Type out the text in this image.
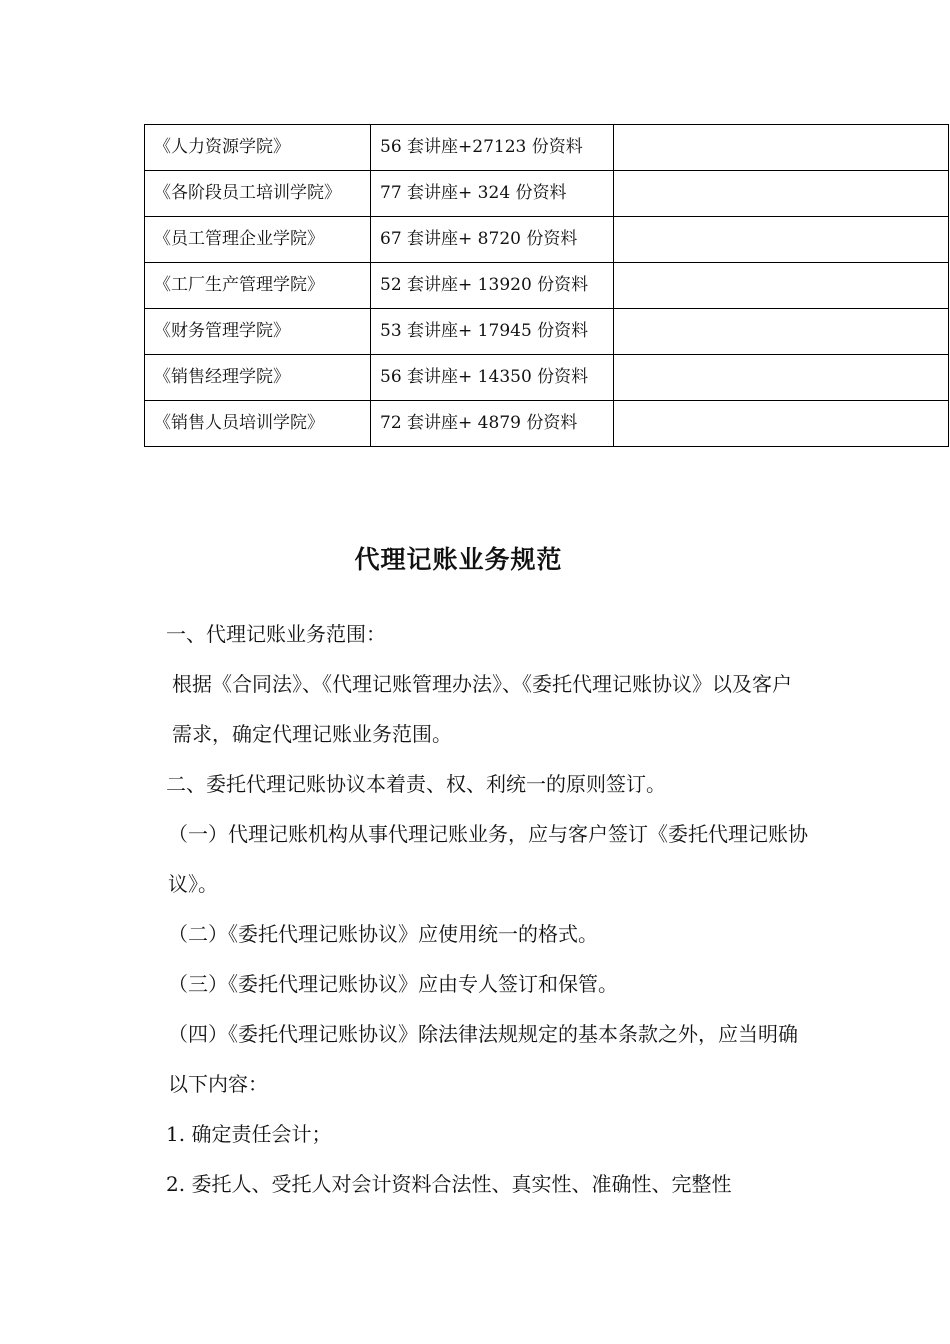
《人力资源学院》	56 套讲座+27123 份资料	
《各阶段员工培训学院》	77 套讲座+ 324 份资料	
《员工管理企业学院》	67 套讲座+ 8720 份资料	
《工厂生产管理学院》	52 套讲座+ 13920 份资料	
《财务管理学院》	53 套讲座+ 17945 份资料	
《销售经理学院》	56 套讲座+ 14350 份资料	
《销售人员培训学院》	72 套讲座+ 4879 份资料	
代理记账业务规范

一、代理记账业务范围：

根据《合同法》、《代理记账管理办法》、《委托代理记账协议》以及客户需求，确定代理记账业务范围。

二、委托代理记账协议本着责、权、利统一的原则签订。

（一）代理记账机构从事代理记账业务，应与客户签订《委托代理记账协议》。

（二）《委托代理记账协议》应使用统一的格式。

（三）《委托代理记账协议》应由专人签订和保管。

（四）《委托代理记账协议》除法律法规规定的基本条款之外，应当明确以下内容：

1. 确定责任会计；

2. 委托人、受托人对会计资料合法性、真实性、准确性、完整性
